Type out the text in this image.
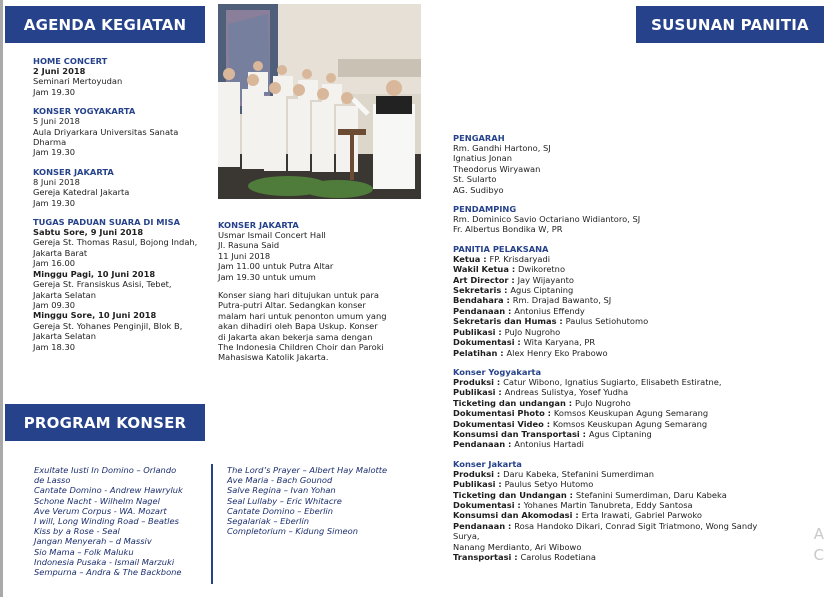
AGENDA KEGIATAN
HOME CONCERT
2 Juni 2018
Seminari Mertoyudan
Jam 19.30
KONSER YOGYAKARTA
5 Juni 2018
Aula Driyarkara Universitas Sanata
Dharma
Jam 19.30
KONSER JAKARTA
8 Juni 2018
Gereja Katedral Jakarta
Jam 19.30
TUGAS PADUAN SUARA DI MISA
Sabtu Sore, 9 Juni 2018
Gereja St. Thomas Rasul, Bojong Indah,
Jakarta Barat
Jam 16.00
Minggu Pagi, 10 Juni 2018
Gereja St. Fransiskus Asisi, Tebet,
Jakarta Selatan
Jam 09.30
Minggu Sore, 10 Juni 2018
Gereja St. Yohanes Penginjil, Blok B,
Jakarta Selatan
Jam 18.30
KONSER JAKARTA
Usmar Ismail Concert Hall
Jl. Rasuna Said
11 Juni 2018
Jam 11.00 untuk Putra Altar
Jam 19.30 untuk umum
Konser siang hari ditujukan untuk para
Putra-putri Altar. Sedangkan konser
malam hari untuk penonton umum yang
akan dihadiri oleh Bapa Uskup. Konser
di Jakarta akan bekerja sama dengan
The Indonesia Children Choir dan Paroki
Mahasiswa Katolik Jakarta.
PROGRAM KONSER
Exultate Iusti In Domino – Orlando
de Lasso
Cantate Domino - Andrew Hawryluk
Schone Nacht - Wilhelm Nagel
Ave Verum Corpus - WA. Mozart
I will, Long Winding Road – Beatles
Kiss by a Rose - Seal
Jangan Menyerah – d Massiv
Sio Mama – Folk Maluku
Indonesia Pusaka - Ismail Marzuki
Sempurna – Andra & The Backbone
The Lord’s Prayer – Albert Hay Malotte
Ave Maria - Bach Gounod
Salve Regina – Ivan Yohan
Seal Lullaby – Eric Whitacre
Cantate Domino – Eberlin
Segalariak – Eberlin
Completorium – Kidung Simeon
SUSUNAN PANITIA
PENGARAH
Rm. Gandhi Hartono, SJ
Ignatius Jonan
Theodorus Wiryawan
St. Sularto
AG. Sudibyo
PENDAMPING
Rm. Dominico Savio Octariano Widiantoro, SJ
Fr. Albertus Bondika W, PR
PANITIA PELAKSANA
Ketua : FP. Krisdaryadi
Wakil Ketua : Dwikoretno
Art Director : Jay Wijayanto
Sekretaris : Agus Ciptaning
Bendahara : Rm. Drajad Bawanto, SJ
Pendanaan : Antonius Effendy
Sekretaris dan Humas : Paulus Setiohutomo
Publikasi : PuJo Nugroho
Dokumentasi : Wita Karyana, PR
Pelatihan : Alex Henry Eko Prabowo
Konser Yogyakarta
Produksi : Catur Wibono, Ignatius Sugiarto, Elisabeth Estiratne,
Publikasi : Andreas Sulistya, Yosef Yudha
Ticketing dan undangan : PuJo Nugroho
Dokumentasi Photo : Komsos Keuskupan Agung Semarang
Dokumentasi Video : Komsos Keuskupan Agung Semarang
Konsumsi dan Transportasi : Agus Ciptaning
Pendanaan : Antonius Hartadi
Konser Jakarta
Produksi : Daru Kabeka, Stefanini Sumerdiman
Publikasi : Paulus Setyo Hutomo
Ticketing dan Undangan : Stefanini Sumerdiman, Daru Kabeka
Dokumentasi : Yohanes Martin Tanubreta, Eddy Santosa
Konsumsi dan Akomodasi : Erta Irawati, Gabriel Parwoko
Pendanaan : Rosa Handoko Dikari, Conrad Sigit Triatmono, Wong Sandy Surya,
Nanang Merdianto, Ari Wibowo
Transportasi : Carolus Rodetiana
A
C
